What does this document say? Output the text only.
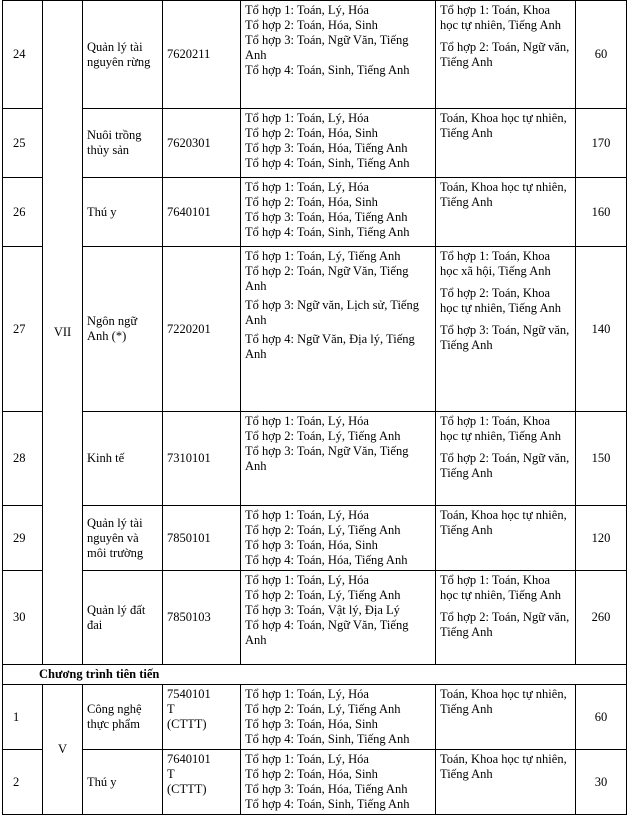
24	VII	Quản lý tài nguyên rừng	7620211	Tổ hợp 1: Toán, Lý, Hóa
Tổ hợp 2: Toán, Hóa, Sinh
Tổ hợp 3: Toán, Ngữ Văn, Tiếng Anh
Tổ hợp 4: Toán, Sinh, Tiếng Anh	Tổ hợp 1: Toán, Khoa học tự nhiên, Tiếng Anh
Tổ hợp 2: Toán, Ngữ văn, Tiếng Anh	60
25		Nuôi trồng thủy sản	7620301	Tổ hợp 1: Toán, Lý, Hóa
Tổ hợp 2: Toán, Hóa, Sinh
Tổ hợp 3: Toán, Hóa, Tiếng Anh
Tổ hợp 4: Toán, Sinh, Tiếng Anh	Toán, Khoa học tự nhiên, Tiếng Anh	170
26		Thú y	7640101	Tổ hợp 1: Toán, Lý, Hóa
Tổ hợp 2: Toán, Hóa, Sinh
Tổ hợp 3: Toán, Hóa, Tiếng Anh
Tổ hợp 4: Toán, Sinh, Tiếng Anh	Toán, Khoa học tự nhiên, Tiếng Anh	160
27		Ngôn ngữ Anh (*)	7220201	Tổ hợp 1: Toán, Lý, Tiếng Anh
Tổ hợp 2: Toán, Ngữ Văn, Tiếng Anh
Tổ hợp 3: Ngữ văn, Lịch sử, Tiếng Anh
Tổ hợp 4: Ngữ Văn, Địa lý, Tiếng Anh	Tổ hợp 1: Toán, Khoa học xã hội, Tiếng Anh
Tổ hợp 2: Toán, Khoa học tự nhiên, Tiếng Anh
Tổ hợp 3: Toán, Ngữ văn, Tiếng Anh	140
28		Kinh tế	7310101	Tổ hợp 1: Toán, Lý, Hóa
Tổ hợp 2: Toán, Lý, Tiếng Anh
Tổ hợp 3: Toán, Ngữ Văn, Tiếng Anh	Tổ hợp 1: Toán, Khoa học tự nhiên, Tiếng Anh
Tổ hợp 2: Toán, Ngữ văn, Tiếng Anh	150
29		Quản lý tài nguyên và môi trường	7850101	Tổ hợp 1: Toán, Lý, Hóa
Tổ hợp 2: Toán, Lý, Tiếng Anh
Tổ hợp 3: Toán, Hóa, Sinh
Tổ hợp 4: Toán, Hóa, Tiếng Anh	Toán, Khoa học tự nhiên, Tiếng Anh	120
30		Quản lý đất đai	7850103	Tổ hợp 1: Toán, Lý, Hóa
Tổ hợp 2: Toán, Lý, Tiếng Anh
Tổ hợp 3: Toán, Vật lý, Địa Lý
Tổ hợp 4: Toán, Ngữ Văn, Tiếng Anh	Tổ hợp 1: Toán, Khoa học tự nhiên, Tiếng Anh
Tổ hợp 2: Toán, Ngữ văn, Tiếng Anh	260
Chương trình tiên tiến						
1	V	Công nghệ thực phẩm	7540101
T
(CTTT)	Tổ hợp 1: Toán, Lý, Hóa
Tổ hợp 2: Toán, Lý, Tiếng Anh
Tổ hợp 3: Toán, Hóa, Sinh
Tổ hợp 4: Toán, Sinh, Tiếng Anh	Toán, Khoa học tự nhiên, Tiếng Anh	60
2		Thú y	7640101
T
(CTTT)	Tổ hợp 1: Toán, Lý, Hóa
Tổ hợp 2: Toán, Hóa, Sinh
Tổ hợp 3: Toán, Hóa, Tiếng Anh
Tổ hợp 4: Toán, Sinh, Tiếng Anh	Toán, Khoa học tự nhiên, Tiếng Anh	30
